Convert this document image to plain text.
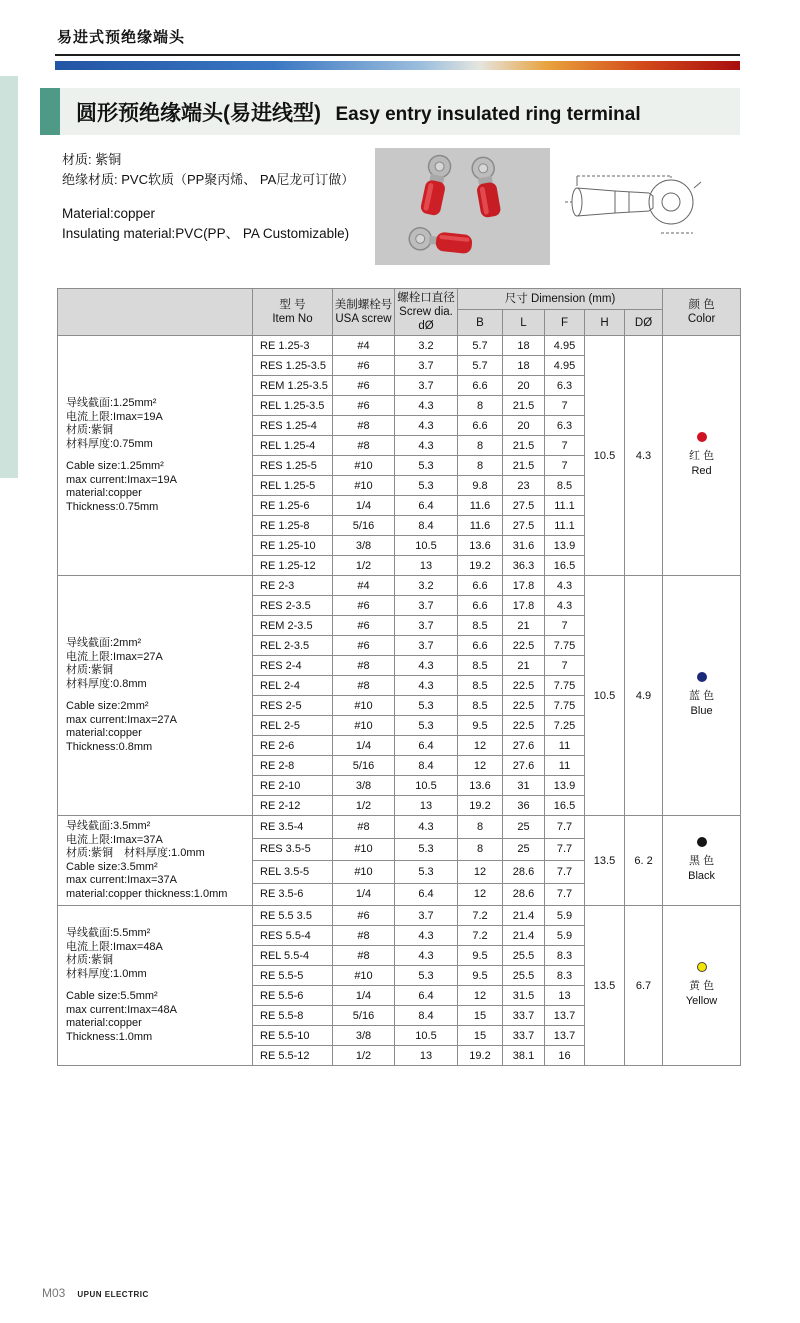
易进式预绝缘端头
圆形预绝缘端头(易进线型) Easy entry insulated ring terminal
材质: 紫铜
绝缘材质: PVC软质（PP聚丙烯、 PA尼龙可订做）
Material:copper
Insulating material:PVC(PP、 PA Customizable)

型 号
Item No

美制螺栓号
USA screw

螺栓口直径
Screw dia.
dØ
	尺寸 Dimension (mm)	颜 色
Color

				B	L	F	H	DØ	

导线截面:1.25mm²
电流上限:Imax=19A
材质:紫铜
材料厚度:0.75mm
Cable size:1.25mm²
max current:Imax=19A
material:copper
Thickness:0.75mm
	RE 1.25-3	#4	3.2	5.7	18	4.95	10.5	4.3	红 色
Red

	RES 1.25-3.5	#6	3.7	5.7	18	4.95			
	REM 1.25-3.5	#6	3.7	6.6	20	6.3			
	REL 1.25-3.5	#6	4.3	8	21.5	7			
	RES 1.25-4	#8	4.3	6.6	20	6.3			
	REL 1.25-4	#8	4.3	8	21.5	7			
	RES 1.25-5	#10	5.3	8	21.5	7			
	REL 1.25-5	#10	5.3	9.8	23	8.5			
	RE 1.25-6	1/4	6.4	11.6	27.5	11.1			
	RE 1.25-8	5/16	8.4	11.6	27.5	11.1			
	RE 1.25-10	3/8	10.5	13.6	31.6	13.9			
	RE 1.25-12	1/2	13	19.2	36.3	16.5			

导线截面:2mm²
电流上限:Imax=27A
材质:紫铜
材料厚度:0.8mm
Cable size:2mm²
max current:Imax=27A
material:copper
Thickness:0.8mm
	RE 2-3	#4	3.2	6.6	17.8	4.3	10.5	4.9	蓝 色
Blue

	RES 2-3.5	#6	3.7	6.6	17.8	4.3			
	REM 2-3.5	#6	3.7	8.5	21	7			
	REL 2-3.5	#6	3.7	6.6	22.5	7.75			
	RES 2-4	#8	4.3	8.5	21	7			
	REL 2-4	#8	4.3	8.5	22.5	7.75			
	RES 2-5	#10	5.3	8.5	22.5	7.75			
	REL 2-5	#10	5.3	9.5	22.5	7.25			
	RE 2-6	1/4	6.4	12	27.6	11			
	RE 2-8	5/16	8.4	12	27.6	11			
	RE 2-10	3/8	10.5	13.6	31	13.9			
	RE 2-12	1/2	13	19.2	36	16.5			

导线截面:3.5mm²
电流上限:Imax=37A
材质:紫铜　材料厚度:1.0mm
Cable size:3.5mm²
max current:Imax=37A
material:copper thickness:1.0mm
	RE 3.5-4	#8	4.3	8	25	7.7	13.5	6. 2	黑 色
Black

	RES 3.5-5	#10	5.3	8	25	7.7			
	REL 3.5-5	#10	5.3	12	28.6	7.7			
	RE 3.5-6	1/4	6.4	12	28.6	7.7			

导线截面:5.5mm²
电流上限:Imax=48A
材质:紫铜
材料厚度:1.0mm
Cable size:5.5mm²
max current:Imax=48A
material:copper
Thickness:1.0mm
	RE 5.5 3.5	#6	3.7	7.2	21.4	5.9	13.5	6.7	黄 色
Yellow

	RES 5.5-4	#8	4.3	7.2	21.4	5.9			
	REL 5.5-4	#8	4.3	9.5	25.5	8.3			
	RE 5.5-5	#10	5.3	9.5	25.5	8.3			
	RE 5.5-6	1/4	6.4	12	31.5	13			
	RE 5.5-8	5/16	8.4	15	33.7	13.7			
	RE 5.5-10	3/8	10.5	15	33.7	13.7			
	RE 5.5-12	1/2	13	19.2	38.1	16			
M03 UPUN ELECTRIC
